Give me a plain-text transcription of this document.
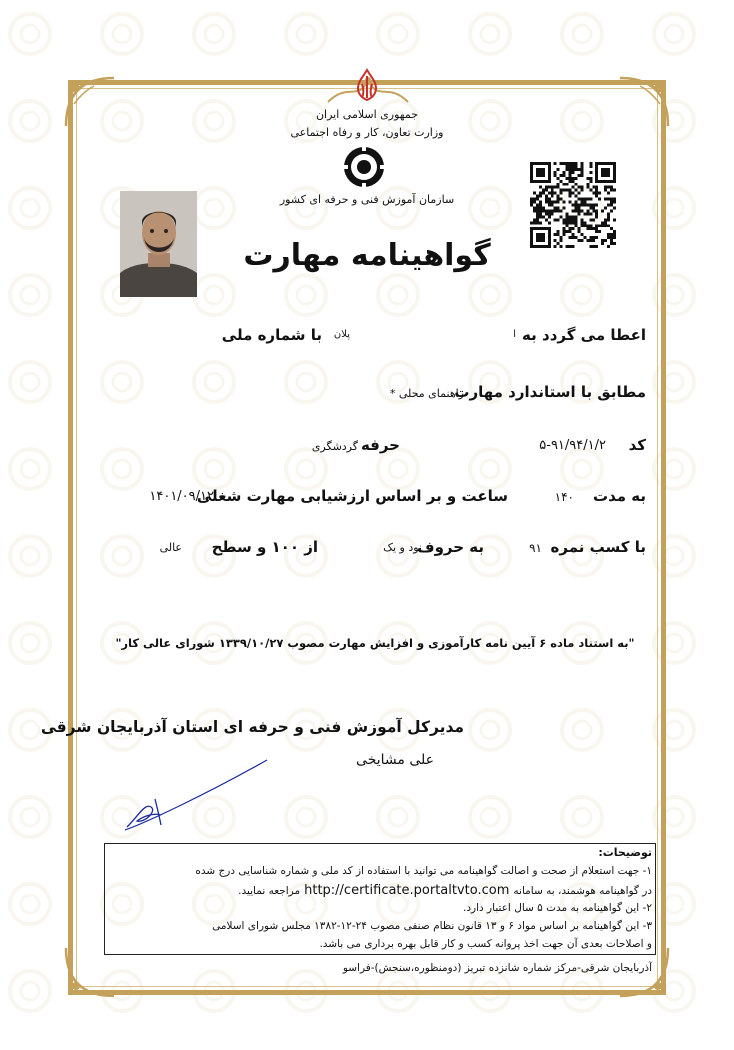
جمهوری اسلامی ایران
وزارت تعاون، کار و رفاه اجتماعی
سازمان آموزش فنی و حرفه ای کشور
گواهینامه مهارت
اعطا می گردد به
ا
پلان
با شماره ملی
مطابق با استاندارد مهارت
راهنمای محلی *
کد
۵-۹۱/۹۴/۱/۲
حرفه
گردشگری
به مدت
۱۴۰
ساعت و بر اساس ارزشیابی مهارت شغلی
۱۴۰۱/۰۹/۱۲
با کسب نمره
۹۱
به حروف
نود و یک
از ۱۰۰ و سطح
عالی
"به استناد ماده ۶ آیین نامه کارآموزی و افزایش مهارت مصوب ۱۳۳۹/۱۰/۲۷ شورای عالی کار"
مدیرکل آموزش فنی و حرفه ای استان آذربایجان شرقی
علی مشایخی
توضیحات:
۱- جهت استعلام از صحت و اصالت گواهینامه می توانید با استفاده از کد ملی و شماره شناسایی درج شده
در گواهینامه هوشمند، به سامانه
http://certificate.portaltvto.com
مراجعه نمایید.
۲- این گواهینامه به مدت ۵ سال اعتبار دارد.
۳- این گواهینامه بر اساس مواد ۶ و ۱۳ قانون نظام صنفی مصوب ۲۴-۱۲-۱۳۸۲ مجلس شورای اسلامی
و اصلاحات بعدی آن جهت اخذ پروانه کسب و کار قابل بهره برداری می باشد.
آذربایجان شرقی-مرکز شماره شانزده تبریز (دومنظوره،سنجش)-فراسو
